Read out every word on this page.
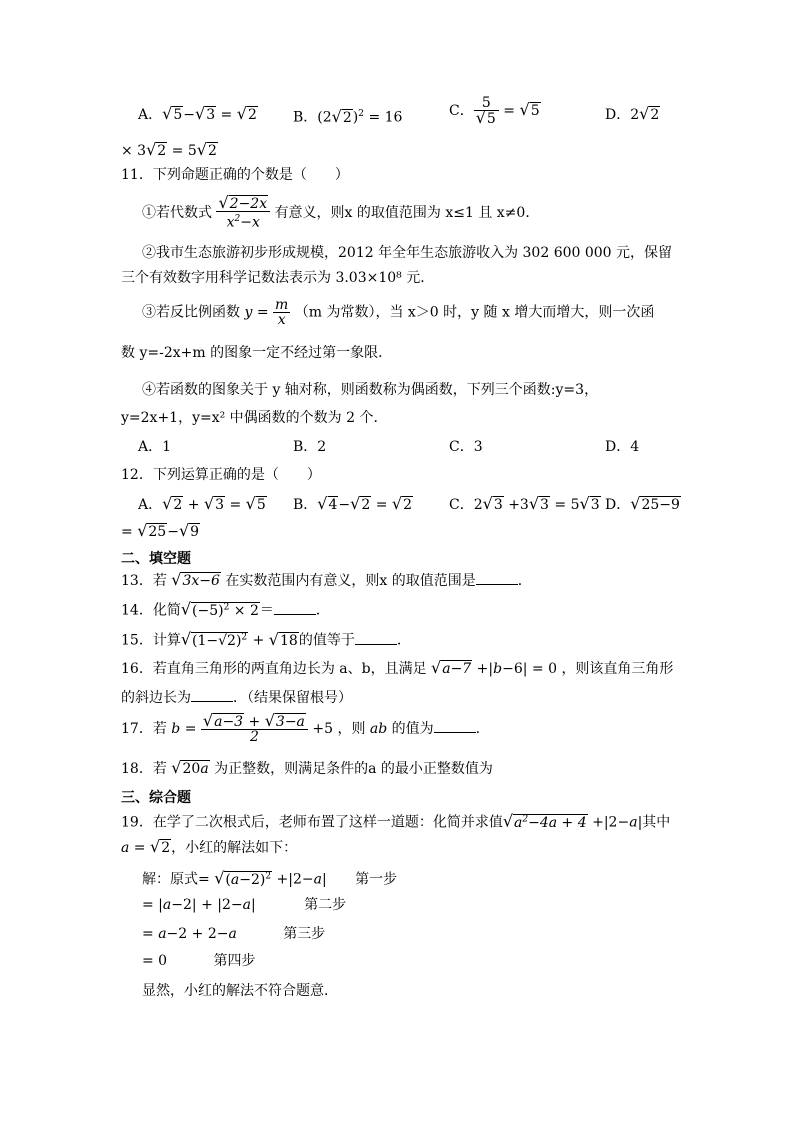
A．√5−√3 = √2	B．$(2√2)^2 = 16$	C． $\frac{5}{√5} = √5$	D．2√2
× 3√2 = 5√2
11．下列命题正确的个数是（　　）
①若代数式 $\frac{√2-2x}{x^2-x}$ 有意义，则x 的取值范围为 x≤1 且 x≠0．
②我市生态旅游初步形成规模，2012 年全年生态旅游收入为 302 600 000 元，保留
三个有效数字用科学记数法表示为 3.03×10⁸ 元．
③若反比例函数 $y = \frac{m}{x} (m$ 为常数），当 x＞0 时，y 随 x 增大而增大，则一次函
数 y=-2x+m 的图象一定不经过第一象限．
④若函数的图象关于 y 轴对称，则函数称为偶函数，下列三个函数:y=3，
y=2x+1，y=x² 中偶函数的个数为 2 个．
A．1	B．2	C．3	D．4
12．下列运算正确的是（　　）
A．√2 + √3 = √5 B．√4−√2 = √2	C．2√3 +3√3 = 5√3 D．√25−9
= √25−√9
二、填空题
13．若 √3x−6 在实数范围内有意义，则x 的取值范围是	．
14．化简$√(-5)^2 \times 2=$	．
15．计算$√(1-√2)^2 + √18$的值等于	．
16．若直角三角形的两直角边长为 a、b，且满足 √a−7 +|b−6| = 0 ，则该直角三角形
的斜边长为	．（结果保留根号）
17．若 $b = \frac{√a-3 + √3-a}{2} +5$ ，则 ab 的值为	.
18．若 √20a 为正整数，则满足条件的a 的最小正整数值为
三、综合题
19．在学了二次根式后，老师布置了这样一道题：化简并求值$√a^2-4a + 4 +|2-a|$其中
a = √2，小红的解法如下：
解：原式= $√(a-2)^2 +|2-a|$ 第一步
= |a−2| + |2−a|	第二步
= a−2 + 2−a	第三步
= 0	第四步
显然，小红的解法不符合题意．
